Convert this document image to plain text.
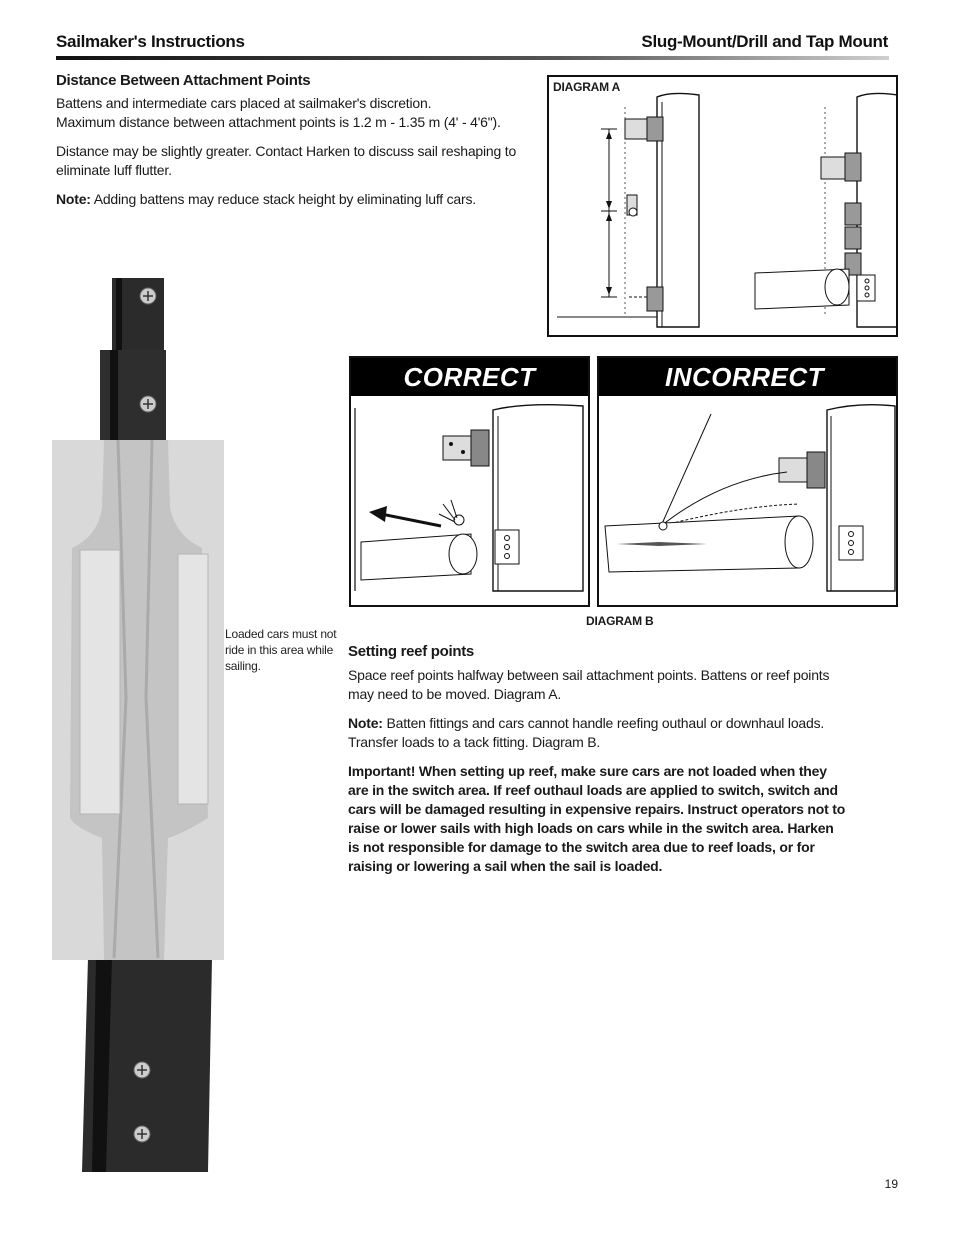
Sailmaker's Instructions	Slug-Mount/Drill and Tap Mount
Distance Between Attachment Points

Battens and intermediate cars placed at sailmaker's discretion.

Maximum distance between attachment points is 1.2 m - 1.35 m (4' - 4'6").

Distance may be slightly greater. Contact Harken to discuss sail reshaping to eliminate luff flutter.

Note: Adding battens may reduce stack height by eliminating luff cars.

DIAGRAM A
CORRECT	INCORRECT
DIAGRAM B
Loaded cars must not ride in this area while sailing.
Setting reef points

Space reef points halfway between sail attachment points. Battens or reef points may need to be moved. Diagram A.

Note: Batten fittings and cars cannot handle reefing outhaul or downhaul loads. Transfer loads to a tack fitting. Diagram B.

Important! When setting up reef, make sure cars are not loaded when they are in the switch area. If reef outhaul loads are applied to switch, switch and cars will be damaged resulting in expensive repairs. Instruct operators not to raise or lower sails with high loads on cars while in the switch area. Harken is not responsible for damage to the switch area due to reef loads, or for raising or lowering a sail when the sail is loaded.

19
